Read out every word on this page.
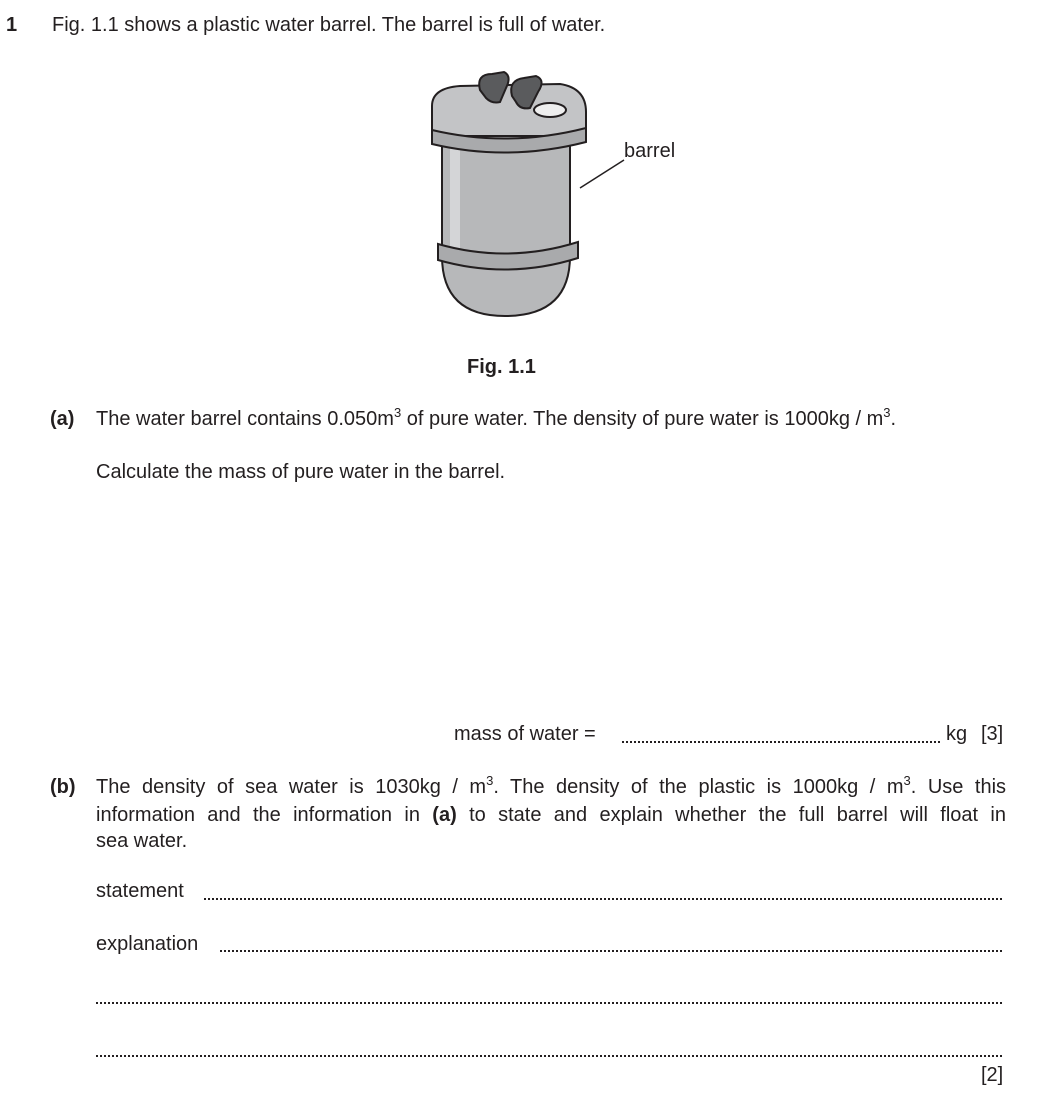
1 Fig. 1.1 shows a plastic water barrel. The barrel is full of water.
barrel
Fig. 1.1
(a) The water barrel contains $0.050m^3$ of pure water. The density of pure water is $1000kg / m^3$.
Calculate the mass of pure water in the barrel.
mass of water =	kg [3]
(b) The density of sea water is $1030kg / m^3$. The density of the plastic is $1000kg / m^3$. Use this
information and the information in (a) to state and explain whether the full barrel will float in
sea water.
statement
explanation
[2]
